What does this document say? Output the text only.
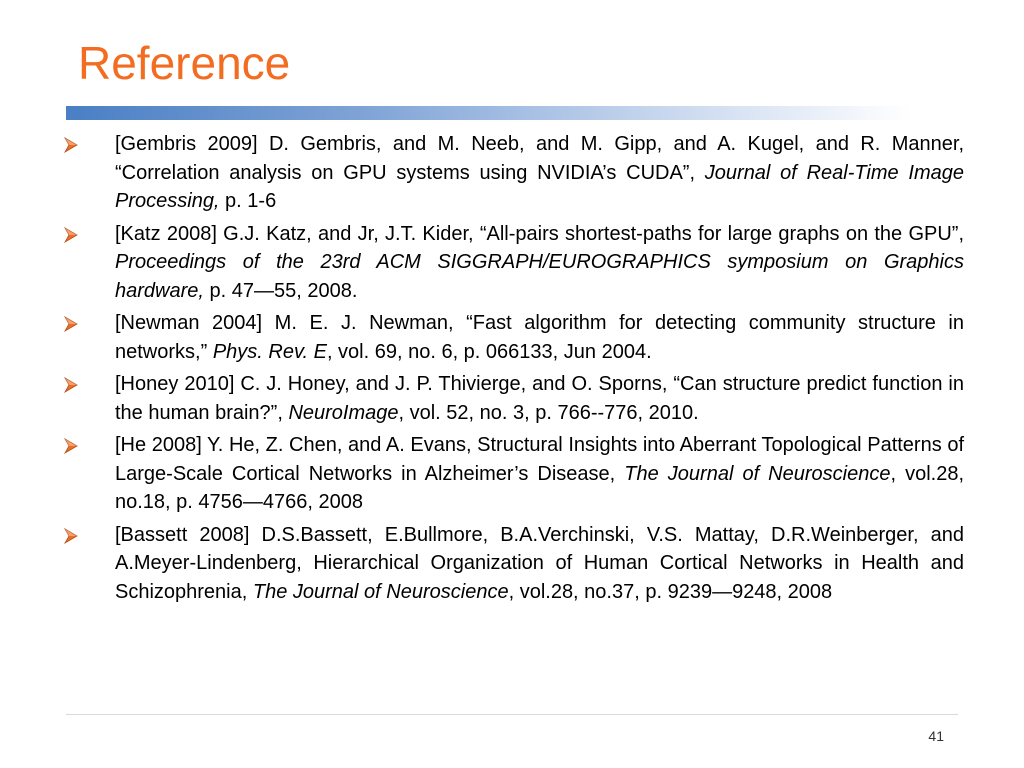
Reference
[Gembris 2009] D. Gembris, and M. Neeb, and M. Gipp, and A. Kugel, and R. Manner, “Correlation analysis on GPU systems using NVIDIA’s CUDA”, Journal of Real-Time Image Processing, p. 1-6
[Katz 2008] G.J. Katz, and Jr, J.T. Kider, “All-pairs shortest-paths for large graphs on the GPU”, Proceedings of the 23rd ACM SIGGRAPH/EUROGRAPHICS symposium on Graphics hardware, p. 47—55, 2008.
[Newman 2004] M. E. J. Newman, “Fast algorithm for detecting community structure in networks,” Phys. Rev. E, vol. 69, no. 6, p. 066133, Jun 2004.
[Honey 2010] C. J. Honey, and J. P. Thivierge, and O. Sporns, “Can structure predict function in the human brain?”, NeuroImage, vol. 52, no. 3, p. 766--776, 2010.
[He 2008] Y. He, Z. Chen, and A. Evans, Structural Insights into Aberrant Topological Patterns of Large-Scale Cortical Networks in Alzheimer’s Disease, The Journal of Neuroscience, vol.28, no.18, p. 4756—4766, 2008
[Bassett 2008] D.S.Bassett, E.Bullmore, B.A.Verchinski, V.S. Mattay, D.R.Weinberger, and A.Meyer-Lindenberg, Hierarchical Organization of Human Cortical Networks in Health and Schizophrenia, The Journal of Neuroscience, vol.28, no.37, p. 9239—9248, 2008
41
